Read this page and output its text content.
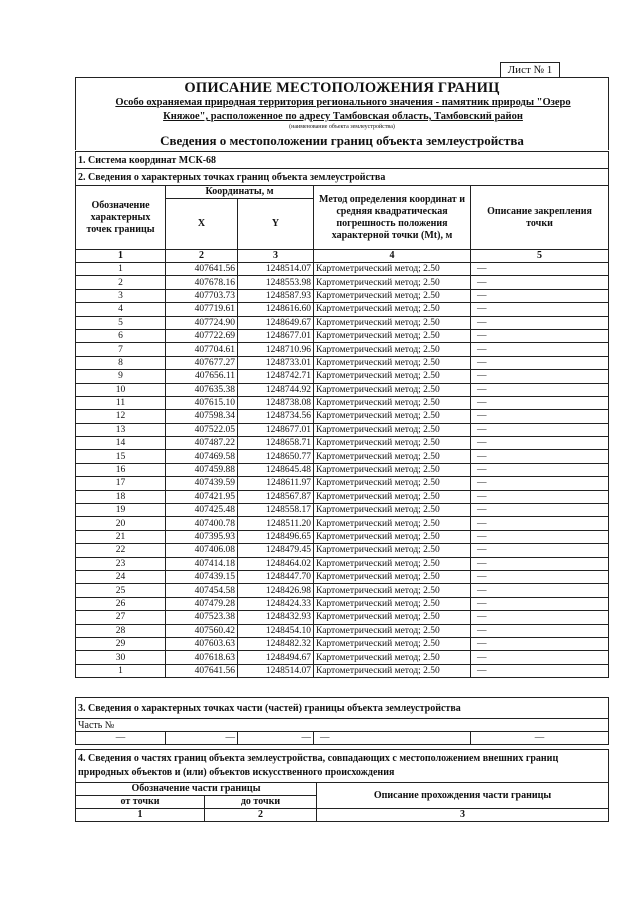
Лист № 1
ОПИСАНИЕ МЕСТОПОЛОЖЕНИЯ ГРАНИЦ
Особо охраняемая природная территория регионального значения - памятник природы "Озеро
Княжое", расположенное по адресу Тамбовская область, Тамбовский район
(наименование объекта землеустройства)
Сведения о местоположении границ объекта землеустройства
1. Система координат МСК-68				
2. Сведения о характерных точках границ объекта землеустройства				
Обозначение характерных точек границы	Координаты, м		Метод определения координат и средняя квадратическая погрешность положения характерной точки (Мt), м	Описание закрепления точки
	X	Y		
1	2	3	4	5
1	407641.56	1248514.07	Картометрический метод; 2.50	—
2	407678.16	1248553.98	Картометрический метод; 2.50	—
3	407703.73	1248587.93	Картометрический метод; 2.50	—
4	407719.61	1248616.60	Картометрический метод; 2.50	—
5	407724.90	1248649.67	Картометрический метод; 2.50	—
6	407722.69	1248677.01	Картометрический метод; 2.50	—
7	407704.61	1248710.96	Картометрический метод; 2.50	—
8	407677.27	1248733.01	Картометрический метод; 2.50	—
9	407656.11	1248742.71	Картометрический метод; 2.50	—
10	407635.38	1248744.92	Картометрический метод; 2.50	—
11	407615.10	1248738.08	Картометрический метод; 2.50	—
12	407598.34	1248734.56	Картометрический метод; 2.50	—
13	407522.05	1248677.01	Картометрический метод; 2.50	—
14	407487.22	1248658.71	Картометрический метод; 2.50	—
15	407469.58	1248650.77	Картометрический метод; 2.50	—
16	407459.88	1248645.48	Картометрический метод; 2.50	—
17	407439.59	1248611.97	Картометрический метод; 2.50	—
18	407421.95	1248567.87	Картометрический метод; 2.50	—
19	407425.48	1248558.17	Картометрический метод; 2.50	—
20	407400.78	1248511.20	Картометрический метод; 2.50	—
21	407395.93	1248496.65	Картометрический метод; 2.50	—
22	407406.08	1248479.45	Картометрический метод; 2.50	—
23	407414.18	1248464.02	Картометрический метод; 2.50	—
24	407439.15	1248447.70	Картометрический метод; 2.50	—
25	407454.58	1248426.98	Картометрический метод; 2.50	—
26	407479.28	1248424.33	Картометрический метод; 2.50	—
27	407523.38	1248432.93	Картометрический метод; 2.50	—
28	407560.42	1248454.10	Картометрический метод; 2.50	—
29	407603.63	1248482.32	Картометрический метод; 2.50	—
30	407618.63	1248494.67	Картометрический метод; 2.50	—
1	407641.56	1248514.07	Картометрический метод; 2.50	—
3. Сведения о характерных точках части (частей) границы объекта землеустройства
Часть №
—	—	—	—	—
4. Сведения о частях границ объекта землеустройства, совпадающих с местоположением внешних границ природных объектов и (или) объектов искусственного происхождения		
Обозначение части границы		Описание прохождения части границы
от точки	до точки	
1	2	3
